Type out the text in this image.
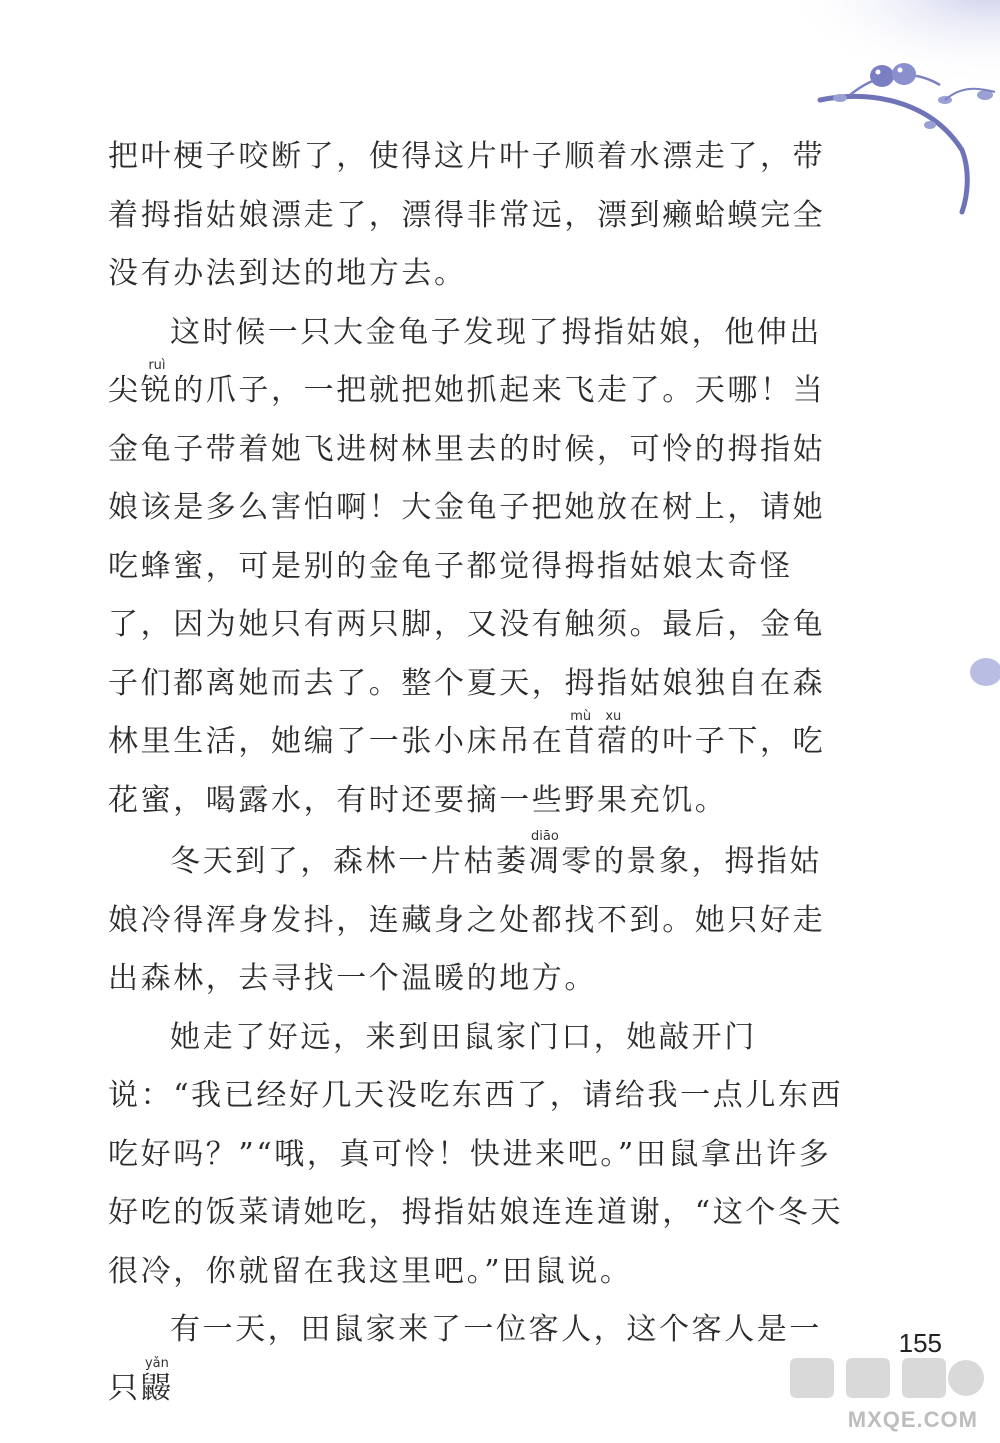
把叶梗子咬断了，使得这片叶子顺着水漂走了，带着拇指姑娘漂走了，漂得非常远，漂到癞蛤蟆完全没有办法到达的地方去。

这时候一只大金龟子发现了拇指姑娘，他伸出尖锐ruì的爪子，一把就把她抓起来飞走了。天哪！当金龟子带着她飞进树林里去的时候，可怜的拇指姑娘该是多么害怕啊！大金龟子把她放在树上，请她吃蜂蜜，可是别的金龟子都觉得拇指姑娘太奇怪了，因为她只有两只脚，又没有触须。最后，金龟子们都离她而去了。整个夏天，拇指姑娘独自在森林里生活，她编了一张小床吊在苜mù蓿xu的叶子下，吃花蜜，喝露水，有时还要摘一些野果充饥。

冬天到了，森林一片枯萎凋diāo零的景象，拇指姑娘冷得浑身发抖，连藏身之处都找不到。她只好走出森林，去寻找一个温暖的地方。

她走了好远，来到田鼠家门口，她敲开门说：“我已经好几天没吃东西了，请给我一点儿东西吃好吗？”“哦，真可怜！快进来吧。”田鼠拿出许多好吃的饭菜请她吃，拇指姑娘连连道谢，“这个冬天很冷，你就留在我这里吧。”田鼠说。

有一天，田鼠家来了一位客人，这个客人是一只鼹yǎn

155
MXQE.COM
